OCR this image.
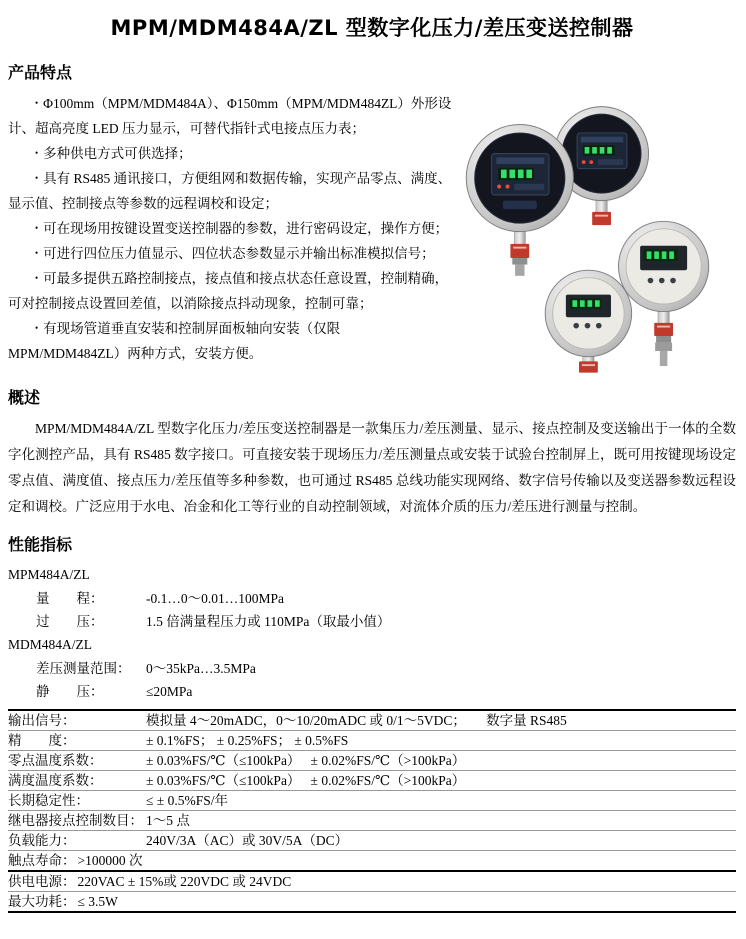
MPM/MDM484A/ZL 型数字化压力/差压变送控制器
产品特点

• Φ100mm（MPM/MDM484A）、Φ150mm（MPM/MDM484ZL）外形设计、超高亮度 LED 压力显示，可替代指针式电接点压力表；

• 多种供电方式可供选择；

• 具有 RS485 通讯接口，方便组网和数据传输，实现产品零点、满度、显示值、控制接点等参数的远程调校和设定；

• 可在现场用按键设置变送控制器的参数，进行密码设定，操作方便；

• 可进行四位压力值显示、四位状态参数显示并输出标准模拟信号；

• 可最多提供五路控制接点，接点值和接点状态任意设置，控制精确，可对控制接点设置回差值，以消除接点抖动现象，控制可靠；

• 有现场管道垂直安装和控制屏面板轴向安装（仅限 MPM/MDM484ZL）两种方式，安装方便。

概述

MPM/MDM484A/ZL 型数字化压力/差压变送控制器是一款集压力/差压测量、显示、接点控制及变送输出于一体的全数字化测控产品，具有 RS485 数字接口。可直接安装于现场压力/差压测量点或安装于试验台控制屏上，既可用按键现场设定零点值、满度值、接点压力/差压值等多种参数，也可通过 RS485 总线功能实现网络、数字信号传输以及变送器参数远程设定和调校。广泛应用于水电、冶金和化工等行业的自动控制领域，对流体介质的压力/差压进行测量与控制。

性能指标
MPM484A/ZL
量　　程：	-0.1…0～0.01…100MPa
过　　压：	1.5 倍满量程压力或 110MPa（取最小值）
MDM484A/ZL
差压测量范围：	0～35kPa…3.5MPa
静　　压：	≤20MPa
输出信号：	模拟量 4～20mADC，0～10/20mADC 或 0/1～5VDC；　　数字量 RS485
精　　度：	± 0.1%FS； ± 0.25%FS； ± 0.5%FS
零点温度系数：	± 0.03%FS/℃（≤100kPa）　 ± 0.02%FS/℃（>100kPa）
满度温度系数：	± 0.03%FS/℃（≤100kPa）　 ± 0.02%FS/℃（>100kPa）
长期稳定性：	≤ ± 0.5%FS/年
继电器接点控制数目： 1～5 点
负载能力：	240V/3A（AC）或 30V/5A（DC）
触点寿命： >100000 次
供电电源： 220VAC ± 15%或 220VDC 或 24VDC
最大功耗： ≤ 3.5W
